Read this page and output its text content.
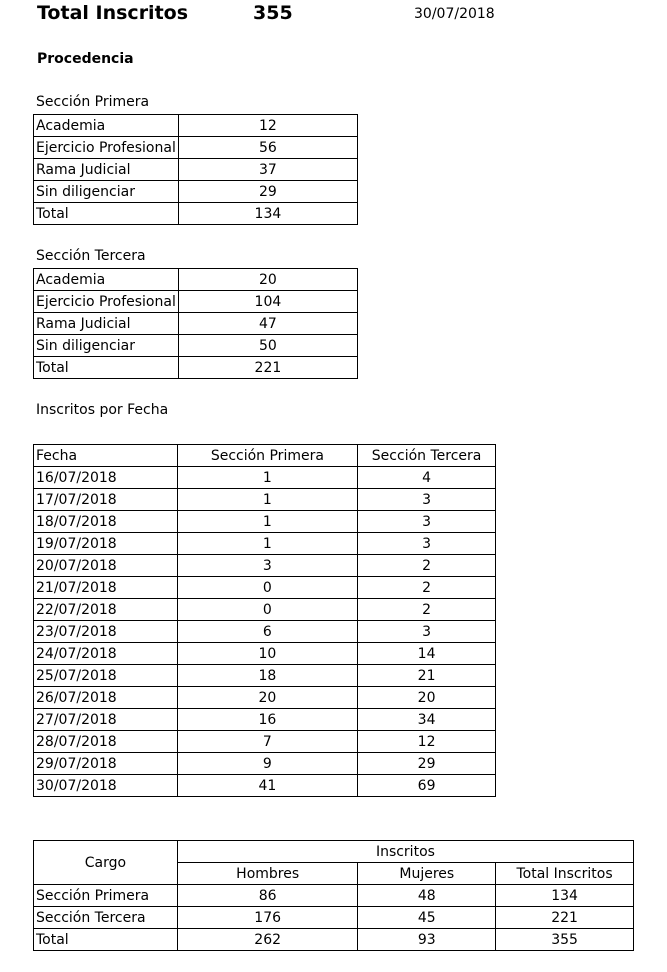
Total Inscritos	355	30/07/2018
Procedencia
Sección Primera
Academia	12
Ejercicio Profesional	56
Rama Judicial	37
Sin diligenciar	29
Total	134
Sección Tercera
Academia	20
Ejercicio Profesional	104
Rama Judicial	47
Sin diligenciar	50
Total	221
Inscritos por Fecha
Fecha	Sección Primera	Sección Tercera
16/07/2018	1	4
17/07/2018	1	3
18/07/2018	1	3
19/07/2018	1	3
20/07/2018	3	2
21/07/2018	0	2
22/07/2018	0	2
23/07/2018	6	3
24/07/2018	10	14
25/07/2018	18	21
26/07/2018	20	20
27/07/2018	16	34
28/07/2018	7	12
29/07/2018	9	29
30/07/2018	41	69
Cargo	Inscritos		
	Hombres	Mujeres	Total Inscritos
Sección Primera	86	48	134
Sección Tercera	176	45	221
Total	262	93	355
